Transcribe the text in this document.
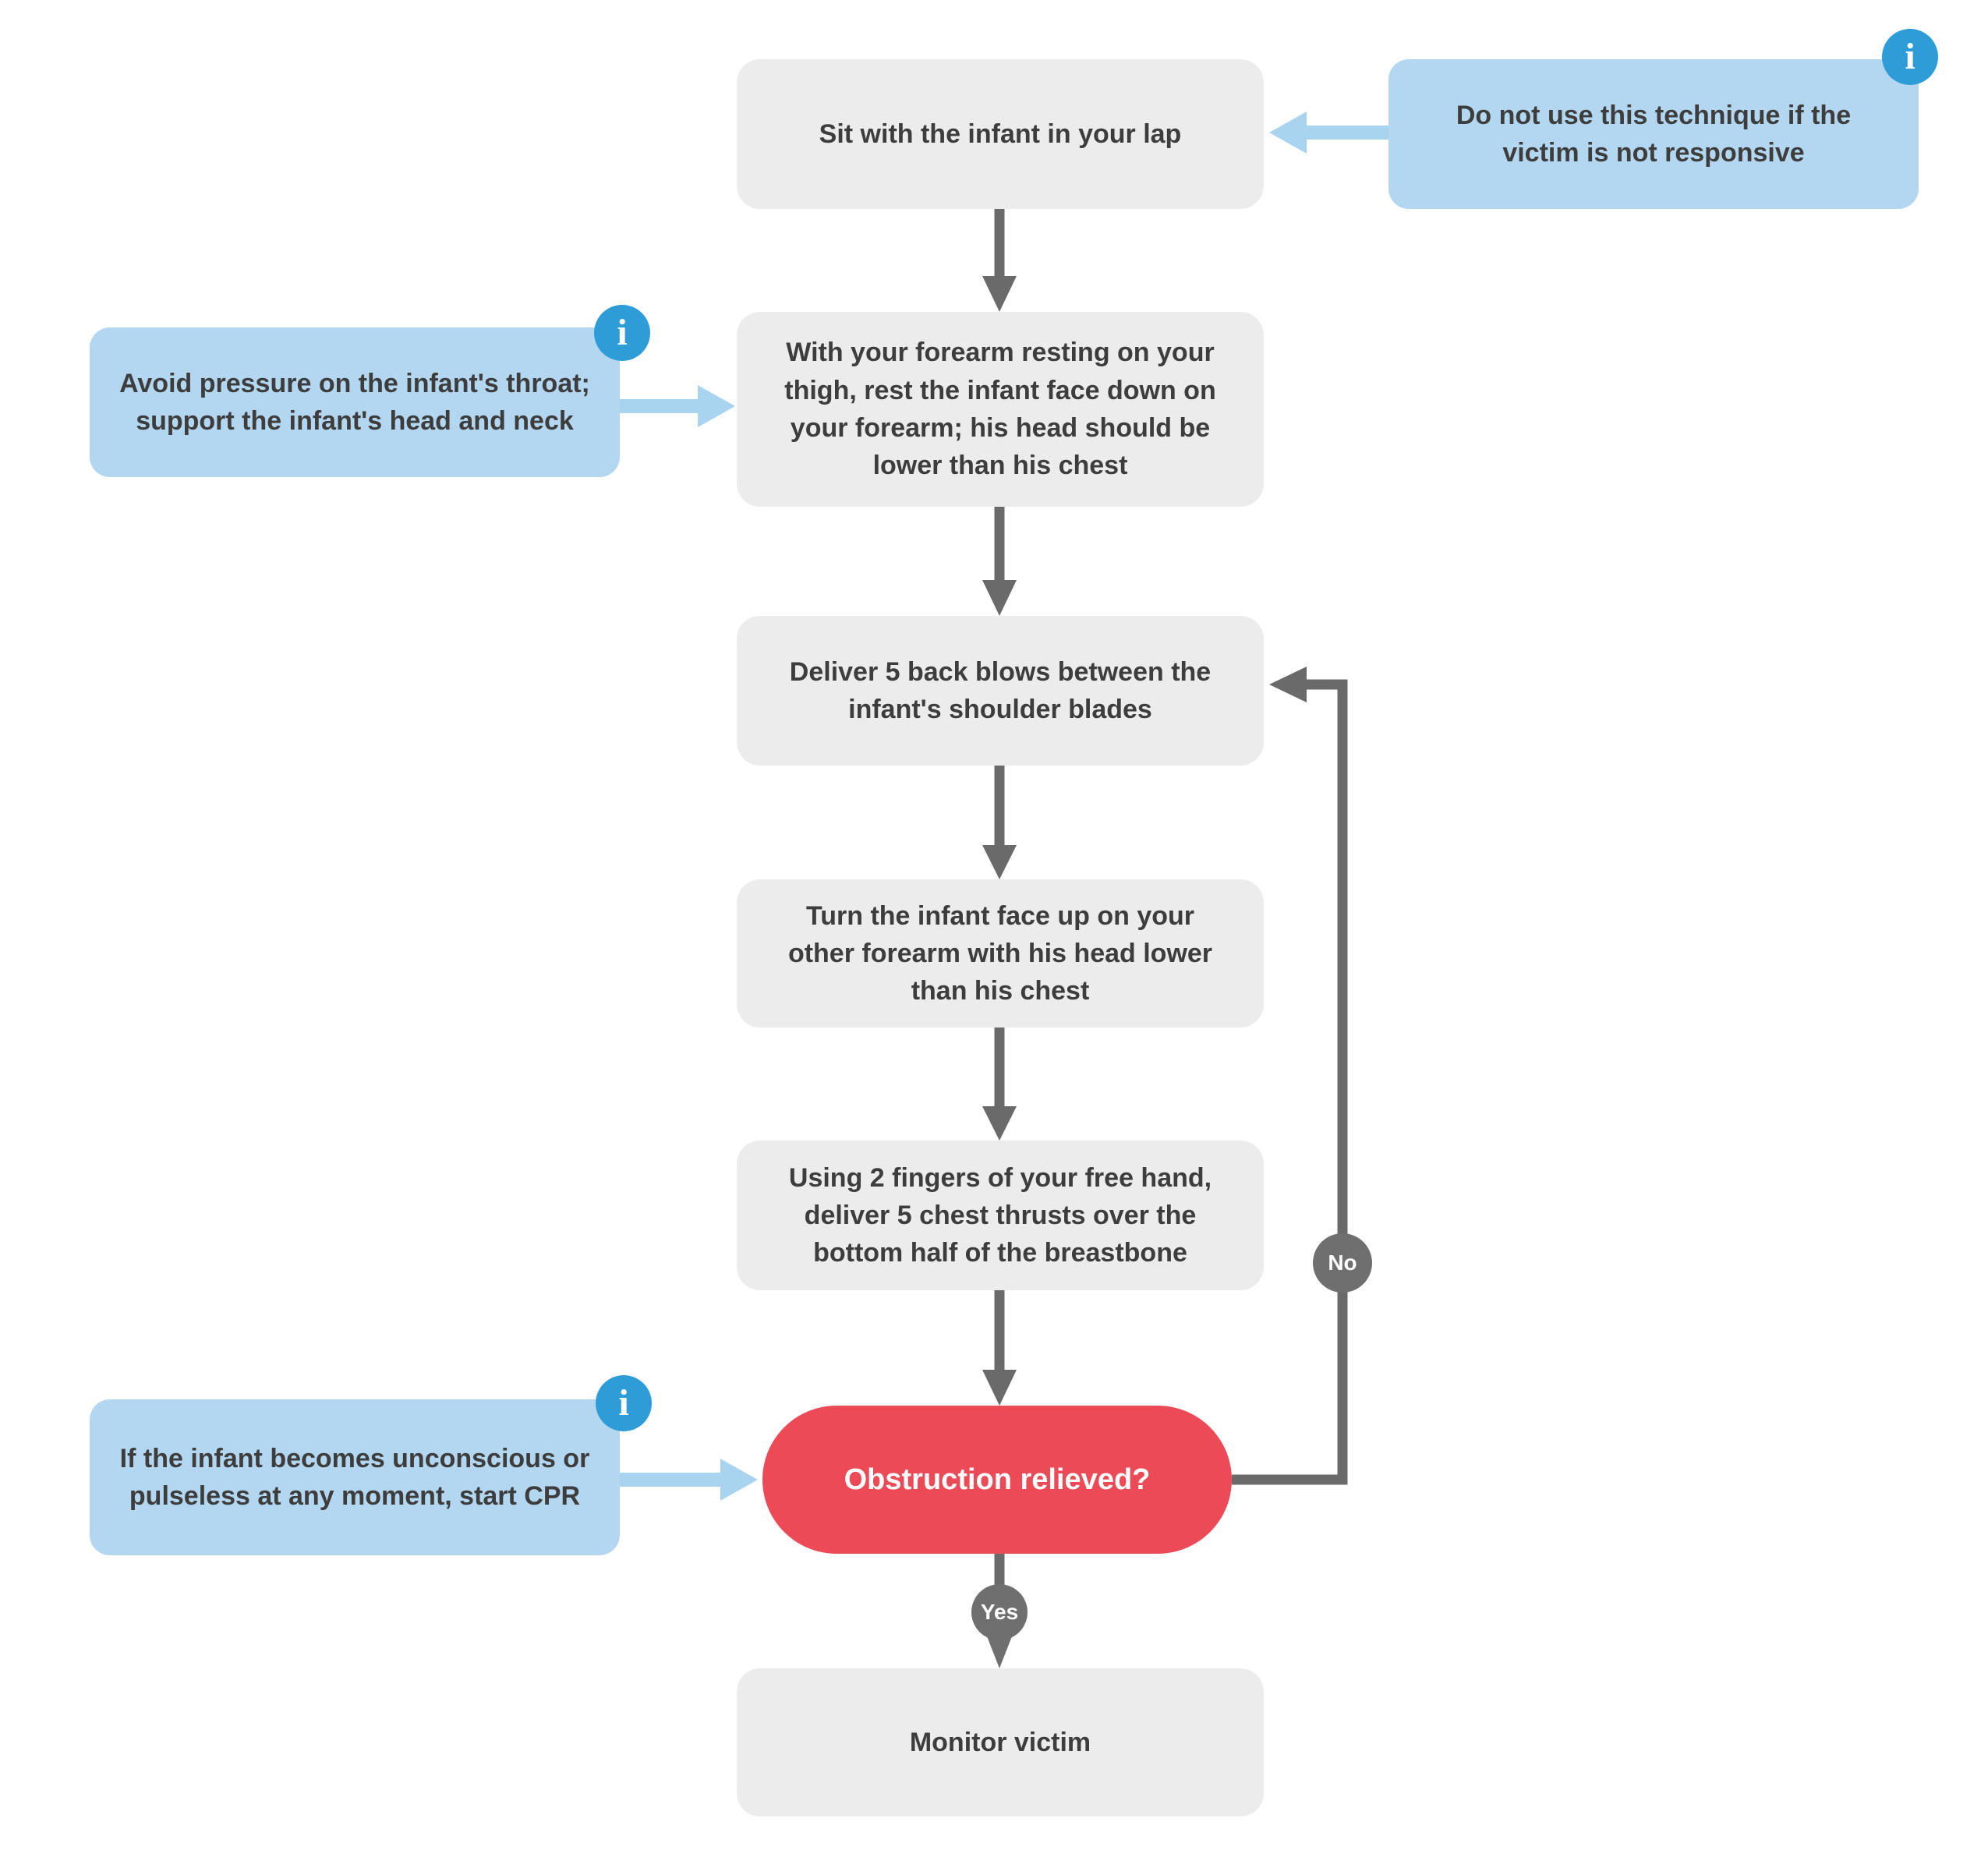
Sit with the infant in your lap
With your forearm resting on your thigh, rest the infant face down on your forearm; his head should be lower than his chest
Deliver 5 back blows between the infant's shoulder blades
Turn the infant face up on your other forearm with his head lower than his chest
Using 2 fingers of your free hand, deliver 5 chest thrusts over the bottom half of the breastbone
Obstruction relieved?
Monitor victim
Do not use this technique if the victim is not responsive
i
Avoid pressure on the infant's throat; support the infant's head and neck
i
If the infant becomes unconscious or pulseless at any moment, start CPR
i
No
Yes
